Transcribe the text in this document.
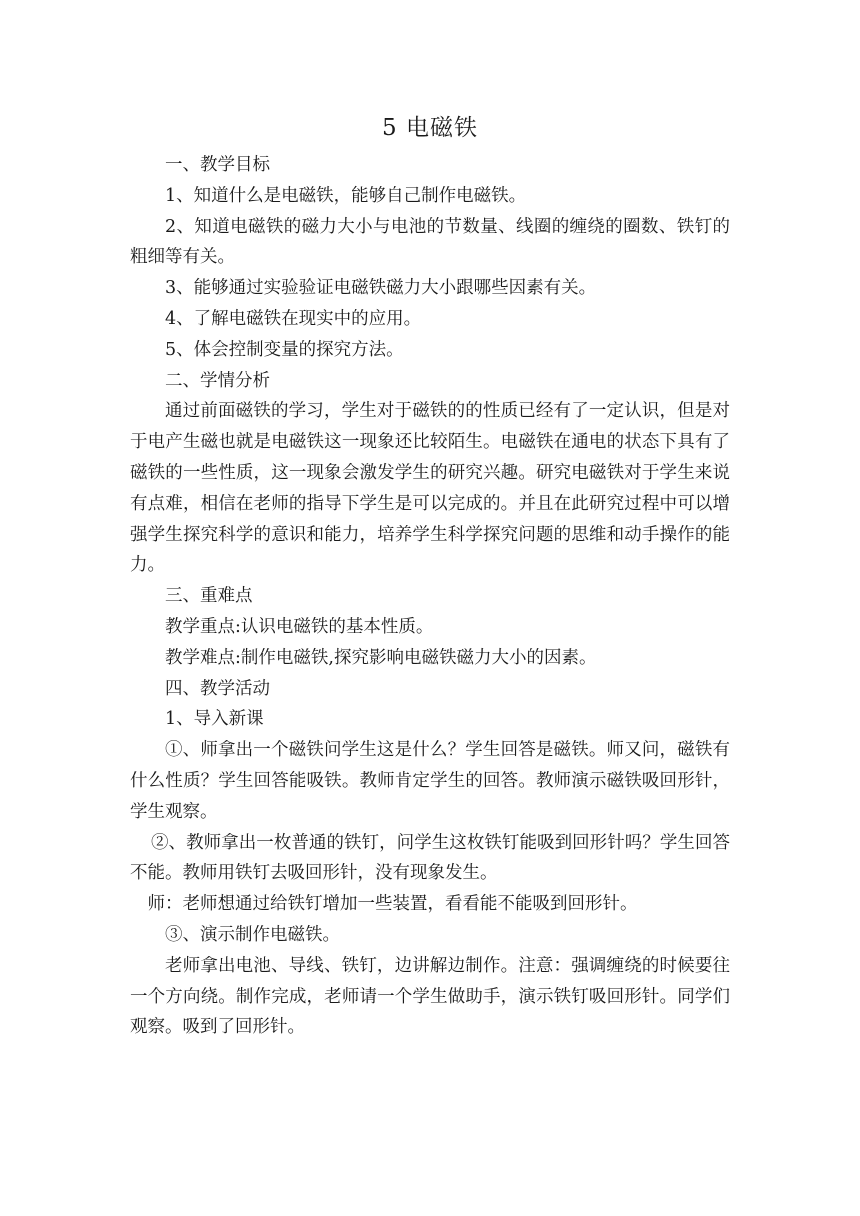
5 电磁铁

一、教学目标

1、知道什么是电磁铁，能够自己制作电磁铁。

2、知道电磁铁的磁力大小与电池的节数量、线圈的缠绕的圈数、铁钉的粗细等有关。

3、能够通过实验验证电磁铁磁力大小跟哪些因素有关。

4、了解电磁铁在现实中的应用。

5、体会控制变量的探究方法。

二、学情分析

通过前面磁铁的学习，学生对于磁铁的的性质已经有了一定认识，但是对于电产生磁也就是电磁铁这一现象还比较陌生。电磁铁在通电的状态下具有了磁铁的一些性质，这一现象会激发学生的研究兴趣。研究电磁铁对于学生来说有点难，相信在老师的指导下学生是可以完成的。并且在此研究过程中可以增强学生探究科学的意识和能力，培养学生科学探究问题的思维和动手操作的能力。

三、重难点

教学重点:认识电磁铁的基本性质。

教学难点:制作电磁铁,探究影响电磁铁磁力大小的因素。

四、教学活动

1、导入新课

①、师拿出一个磁铁问学生这是什么？学生回答是磁铁。师又问，磁铁有什么性质？学生回答能吸铁。教师肯定学生的回答。教师演示磁铁吸回形针，学生观察。

②、教师拿出一枚普通的铁钉，问学生这枚铁钉能吸到回形针吗？学生回答不能。教师用铁钉去吸回形针，没有现象发生。

师：老师想通过给铁钉增加一些装置，看看能不能吸到回形针。

③、演示制作电磁铁。

老师拿出电池、导线、铁钉，边讲解边制作。注意：强调缠绕的时候要往一个方向绕。制作完成，老师请一个学生做助手，演示铁钉吸回形针。同学们观察。吸到了回形针。
